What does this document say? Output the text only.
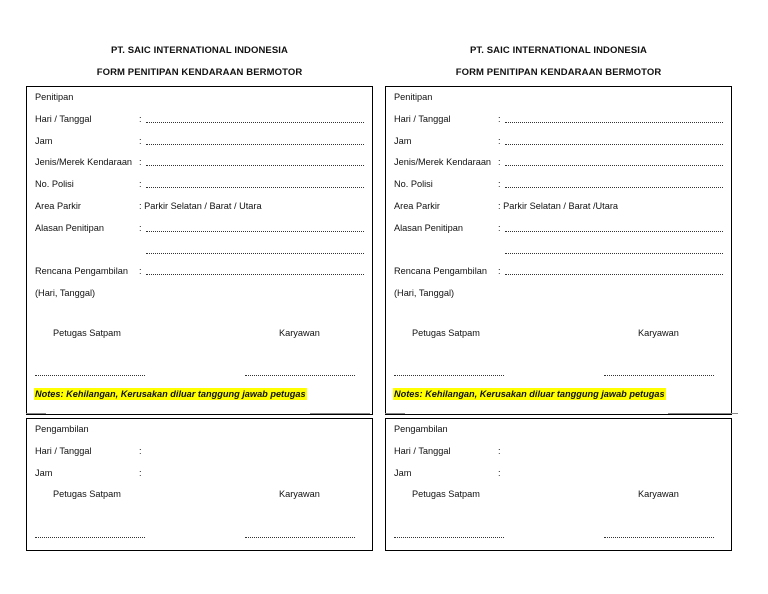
PT. SAIC INTERNATIONAL INDONESIA
FORM PENITIPAN KENDARAAN BERMOTOR
Penitipan
Hari / Tanggal	:
Jam	:
Jenis/Merek Kendaraan :
No. Polisi	:
Area Parkir	: Parkir Selatan / Barat / Utara
Alasan Penitipan	:
Rencana Pengambilan :
(Hari, Tanggal)
Petugas Satpam	Karyawan
Notes: Kehilangan, Kerusakan diluar tanggung jawab petugas
Pengambilan
Hari / Tanggal	:
Jam	:
Petugas Satpam	Karyawan
PT. SAIC INTERNATIONAL INDONESIA
FORM PENITIPAN KENDARAAN BERMOTOR
Penitipan
Hari / Tanggal	:
Jam	:
Jenis/Merek Kendaraan :
No. Polisi	:
Area Parkir	: Parkir Selatan / Barat /Utara
Alasan Penitipan	:
Rencana Pengambilan :
(Hari, Tanggal)
Petugas Satpam	Karyawan
Notes: Kehilangan, Kerusakan diluar tanggung jawab petugas
Pengambilan
Hari / Tanggal	:
Jam	:
Petugas Satpam	Karyawan
